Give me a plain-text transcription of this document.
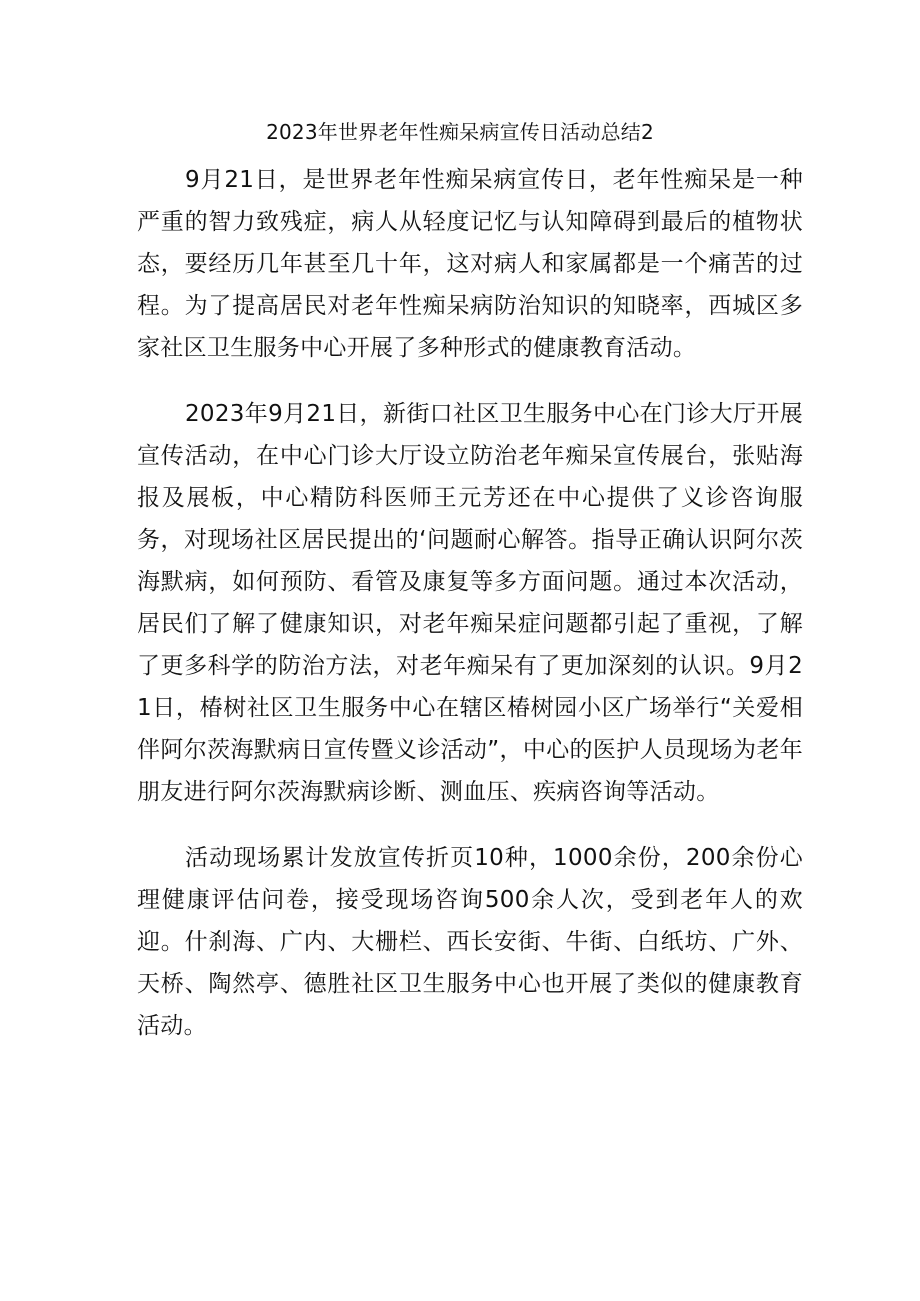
2023年世界老年性痴呆病宣传日活动总结2

9月21日，是世界老年性痴呆病宣传日，老年性痴呆是一种严重的智力致残症，病人从轻度记忆与认知障碍到最后的植物状态，要经历几年甚至几十年，这对病人和家属都是一个痛苦的过程。为了提高居民对老年性痴呆病防治知识的知晓率，西城区多家社区卫生服务中心开展了多种形式的健康教育活动。

2023年9月21日，新街口社区卫生服务中心在门诊大厅开展宣传活动，在中心门诊大厅设立防治老年痴呆宣传展台，张贴海报及展板，中心精防科医师王元芳还在中心提供了义诊咨询服务，对现场社区居民提出的‘问题耐心解答。指导正确认识阿尔茨海默病，如何预防、看管及康复等多方面问题。通过本次活动，居民们了解了健康知识，对老年痴呆症问题都引起了重视，了解了更多科学的防治方法，对老年痴呆有了更加深刻的认识。9月21日，椿树社区卫生服务中心在辖区椿树园小区广场举行“关爱相伴阿尔茨海默病日宣传暨义诊活动”，中心的医护人员现场为老年朋友进行阿尔茨海默病诊断、测血压、疾病咨询等活动。

活动现场累计发放宣传折页10种，1000余份，200余份心理健康评估问卷，接受现场咨询500余人次，受到老年人的欢迎。什刹海、广内、大栅栏、西长安街、牛街、白纸坊、广外、天桥、陶然亭、德胜社区卫生服务中心也开展了类似的健康教育活动。
